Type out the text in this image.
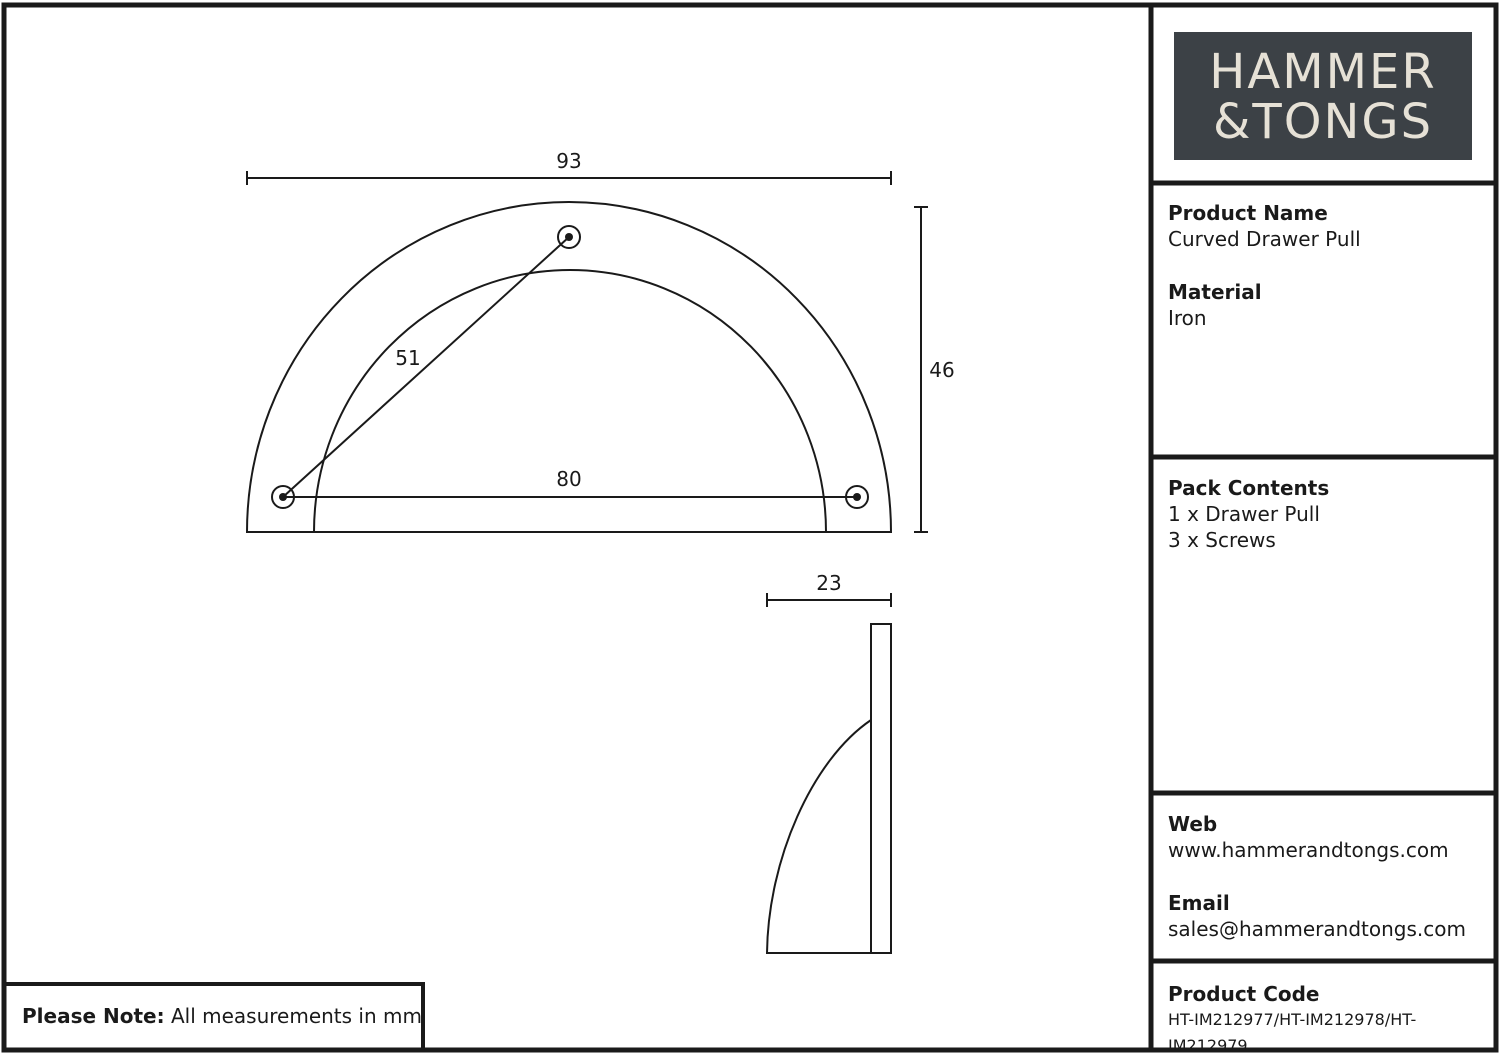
93
46
51
80
23
HAMMER
&TONGS

Product Name

Curved Drawer Pull

Material

Iron

Pack Contents

1 x Drawer Pull

3 x Screws

Web

www.hammerandtongs.com

Email

sales@hammerandtongs.com

Product Code

HT-IM212977/HT-IM212978/HT-IM212979

Please Note: All measurements in mm
